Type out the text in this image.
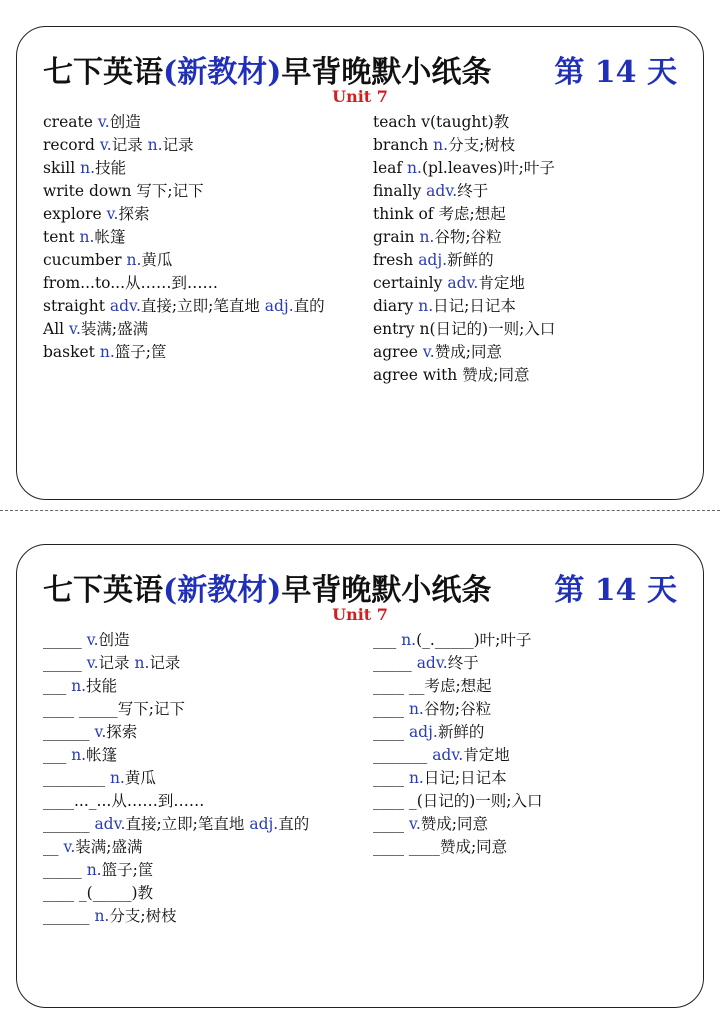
七下英语(新教材)早背晚默小纸条 第 14 天
Unit 7
create v.创造
record v.记录 n.记录
skill n.技能
write down 写下;记下
explore v.探索
tent n.帐篷
cucumber n.黄瓜
from...to...从……到……
straight adv.直接;立即;笔直地 adj.直的
All v.装满;盛满
basket n.篮子;筐
teach v(taught)教
branch n.分支;树枝
leaf n.(pl.leaves)叶;叶子
finally adv.终于
think of 考虑;想起
grain n.谷物;谷粒
fresh adj.新鲜的
certainly adv.肯定地
diary n.日记;日记本
entry n(日记的)一则;入口
agree v.赞成;同意
agree with 赞成;同意
七下英语(新教材)早背晚默小纸条 第 14 天
Unit 7
_____ v.创造
_____ v.记录 n.记录
___ n.技能
____ _____写下;记下
______ v.探索
___ n.帐篷
________ n.黄瓜
____..._...从……到……
______ adv.直接;立即;笔直地 adj.直的
__ v.装满;盛满
_____ n.篮子;筐
____ _(_____)教
______ n.分支;树枝
___ n.(_._____)叶;叶子
_____ adv.终于
____ __考虑;想起
____ n.谷物;谷粒
____ adj.新鲜的
_______ adv.肯定地
____ n.日记;日记本
____ _(日记的)一则;入口
____ v.赞成;同意
____ ____赞成;同意
